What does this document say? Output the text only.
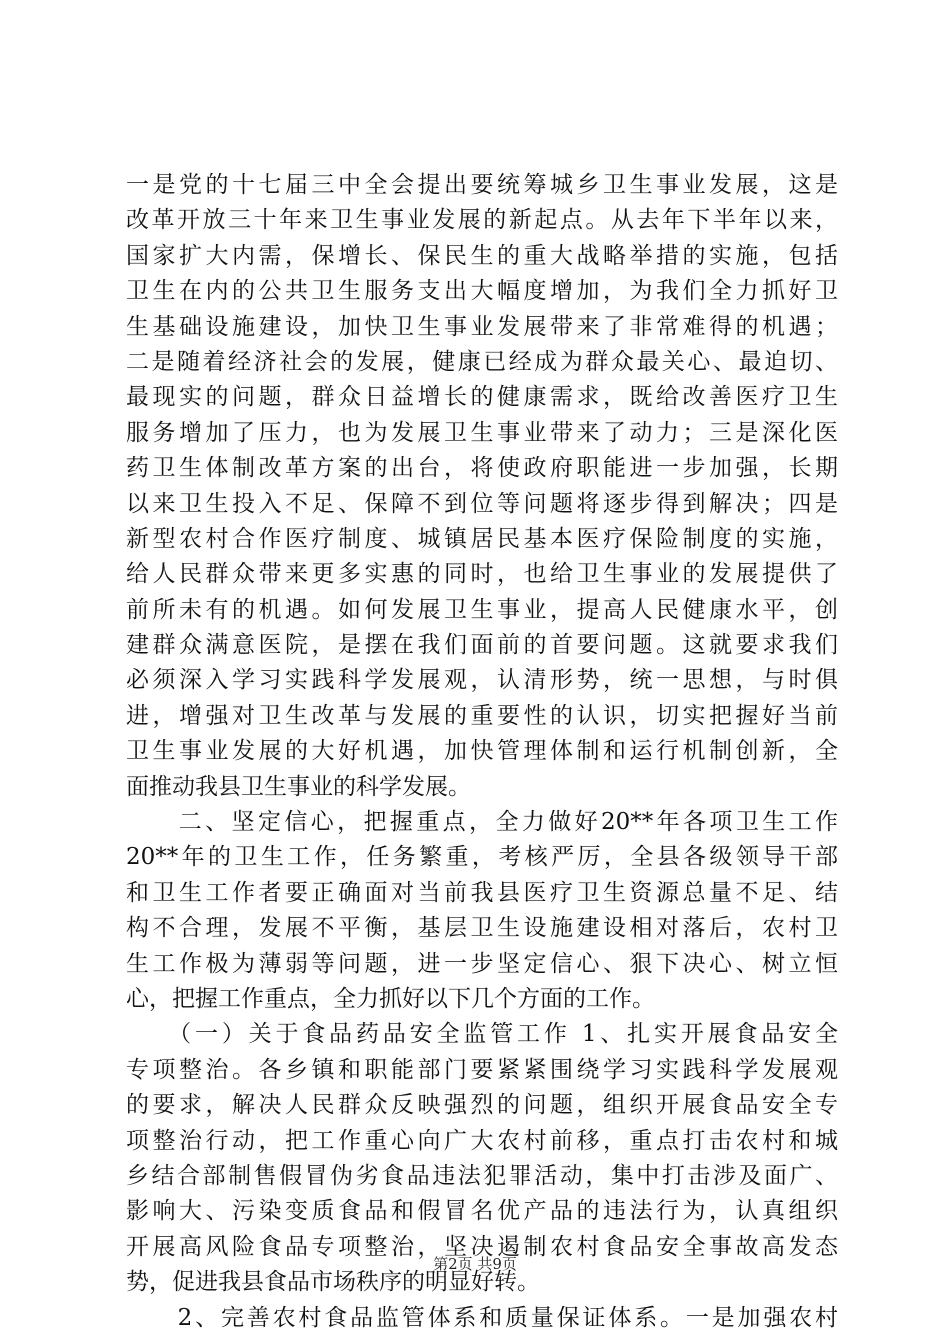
一是党的十七届三中全会提出要统筹城乡卫生事业发展，这是
改革开放三十年来卫生事业发展的新起点。从去年下半年以来，
国家扩大内需，保增长、保民生的重大战略举措的实施，包括
卫生在内的公共卫生服务支出大幅度增加，为我们全力抓好卫
生基础设施建设，加快卫生事业发展带来了非常难得的机遇；
二是随着经济社会的发展，健康已经成为群众最关心、最迫切、
最现实的问题，群众日益增长的健康需求，既给改善医疗卫生
服务增加了压力，也为发展卫生事业带来了动力；三是深化医
药卫生体制改革方案的出台，将使政府职能进一步加强，长期
以来卫生投入不足、保障不到位等问题将逐步得到解决；四是
新型农村合作医疗制度、城镇居民基本医疗保险制度的实施，
给人民群众带来更多实惠的同时，也给卫生事业的发展提供了
前所未有的机遇。如何发展卫生事业，提高人民健康水平，创
建群众满意医院，是摆在我们面前的首要问题。这就要求我们
必须深入学习实践科学发展观，认清形势，统一思想，与时俱
进，增强对卫生改革与发展的重要性的认识，切实把握好当前
卫生事业发展的大好机遇，加快管理体制和运行机制创新，全
面推动我县卫生事业的科学发展。
　　二、坚定信心，把握重点，全力做好20**年各项卫生工作
20**年的卫生工作，任务繁重，考核严厉，全县各级领导干部
和卫生工作者要正确面对当前我县医疗卫生资源总量不足、结
构不合理，发展不平衡，基层卫生设施建设相对落后，农村卫
生工作极为薄弱等问题，进一步坚定信心、狠下决心、树立恒
心，把握工作重点，全力抓好以下几个方面的工作。
　　（一）关于食品药品安全监管工作 1、扎实开展食品安全
专项整治。各乡镇和职能部门要紧紧围绕学习实践科学发展观
的要求，解决人民群众反映强烈的问题，组织开展食品安全专
项整治行动，把工作重心向广大农村前移，重点打击农村和城
乡结合部制售假冒伪劣食品违法犯罪活动，集中打击涉及面广、
影响大、污染变质食品和假冒名优产品的违法行为，认真组织
开展高风险食品专项整治，坚决遏制农村食品安全事故高发态
势，促进我县食品市场秩序的明显好转。
　　2、完善农村食品监管体系和质量保证体系。一是加强农村
第2页 共9页
